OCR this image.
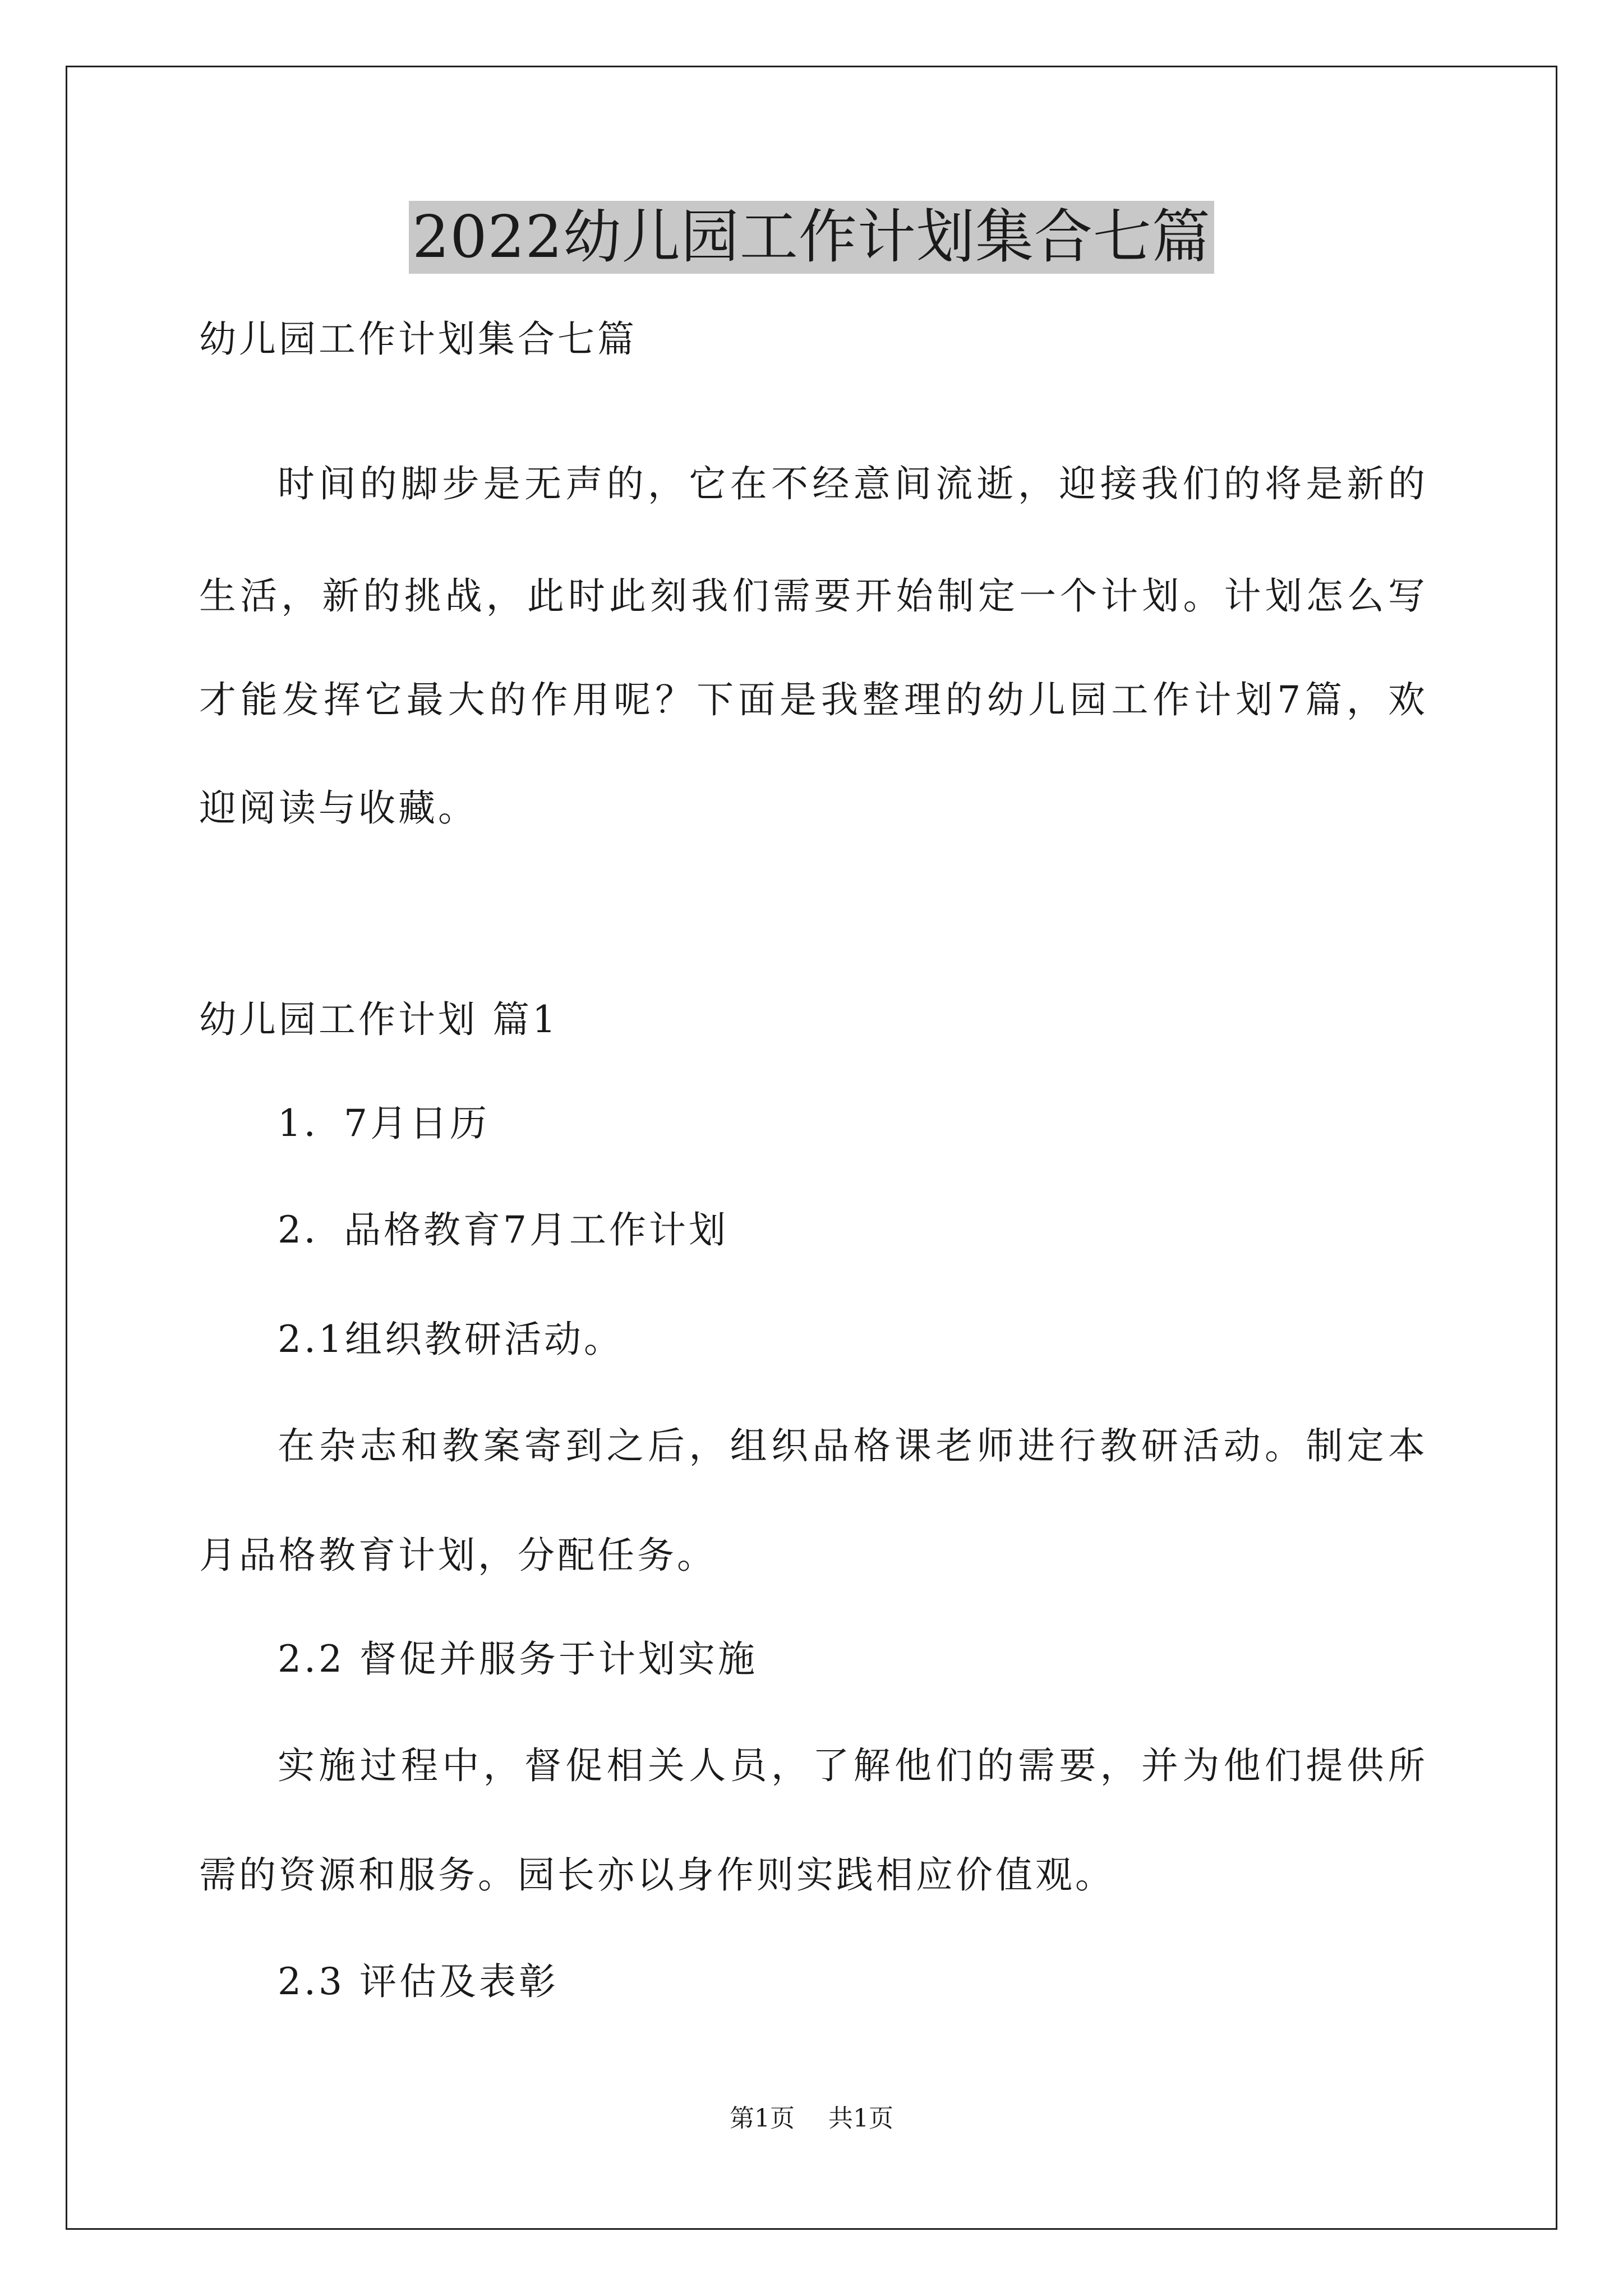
2022幼儿园工作计划集合七篇
幼儿园工作计划集合七篇
时间的脚步是无声的，它在不经意间流逝，迎接我们的将是新的
生活，新的挑战，此时此刻我们需要开始制定一个计划。计划怎么写
才能发挥它最大的作用呢？下面是我整理的幼儿园工作计划7篇，欢
迎阅读与收藏。
幼儿园工作计划 篇1
1．7月日历
2．品格教育7月工作计划
2.1组织教研活动。
在杂志和教案寄到之后，组织品格课老师进行教研活动。制定本
月品格教育计划，分配任务。
2.2 督促并服务于计划实施
实施过程中，督促相关人员，了解他们的需要，并为他们提供所
需的资源和服务。园长亦以身作则实践相应价值观。
2.3 评估及表彰
第1页 共1页
